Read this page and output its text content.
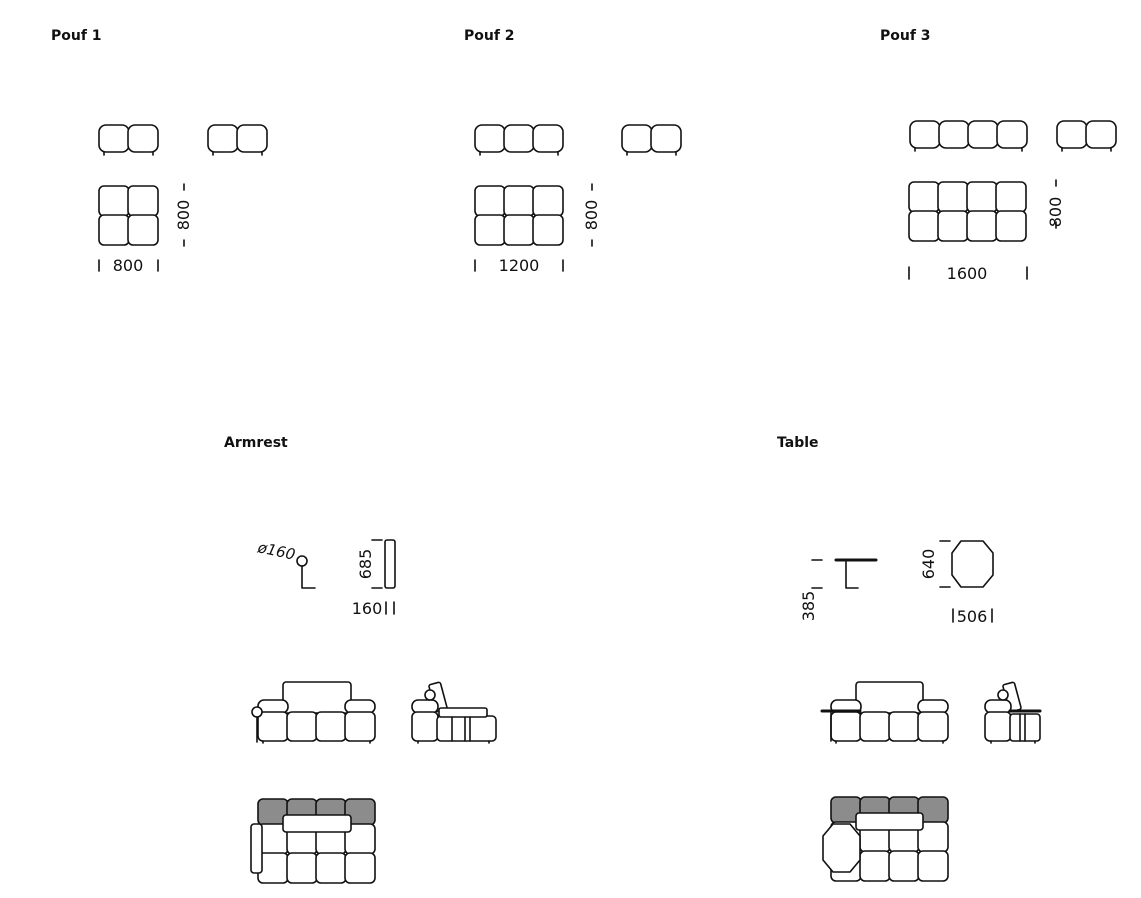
Pouf 1	Pouf 2	Pouf 3
Armrest	Table
800
800
800
1200
800
1600
ø160	685
160	385
640
506
